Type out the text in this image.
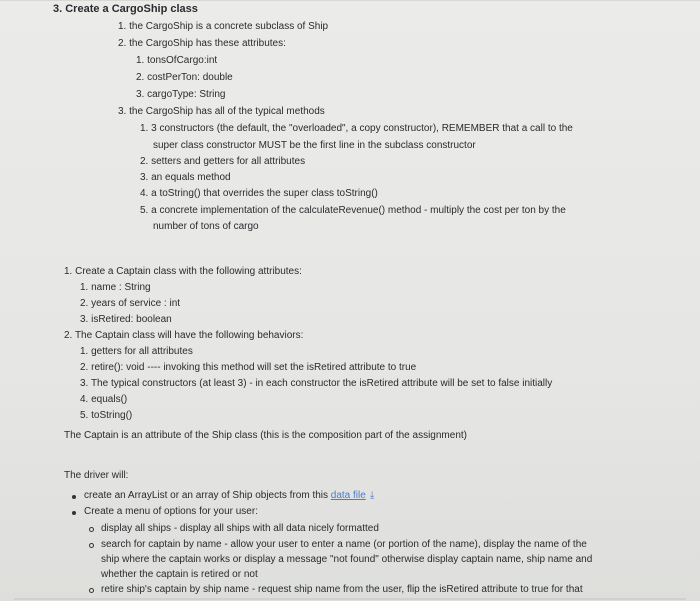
3. Create a CargoShip class
1. the CargoShip is a concrete subclass of Ship
2. the CargoShip has these attributes:
1. tonsOfCargo:int
2. costPerTon: double
3. cargoType: String
3. the CargoShip has all of the typical methods
1. 3 constructors (the default, the "overloaded", a copy constructor), REMEMBER that a call to the
super class constructor MUST be the first line in the subclass constructor
2. setters and getters for all attributes
3. an equals method
4. a toString() that overrides the super class toString()
5. a concrete implementation of the calculateRevenue() method - multiply the cost per ton by the
number of tons of cargo
1. Create a Captain class with the following attributes:
1. name : String
2. years of service : int
3. isRetired: boolean
2. The Captain class will have the following behaviors:
1. getters for all attributes
2. retire(): void ---- invoking this method will set the isRetired attribute to true
3. The typical constructors (at least 3) - in each constructor the isRetired attribute will be set to false initially
4. equals()
5. toString()
The Captain is an attribute of the Ship class (this is the composition part of the assignment)
The driver will:
create an ArrayList or an array of Ship objects from this data file ⤓
Create a menu of options for your user:
display all ships - display all ships with all data nicely formatted
search for captain by name - allow your user to enter a name (or portion of the name), display the name of the
ship where the captain works or display a message "not found" otherwise display captain name, ship name and
whether the captain is retired or not
retire ship's captain by ship name - request ship name from the user, flip the isRetired attribute to true for that
